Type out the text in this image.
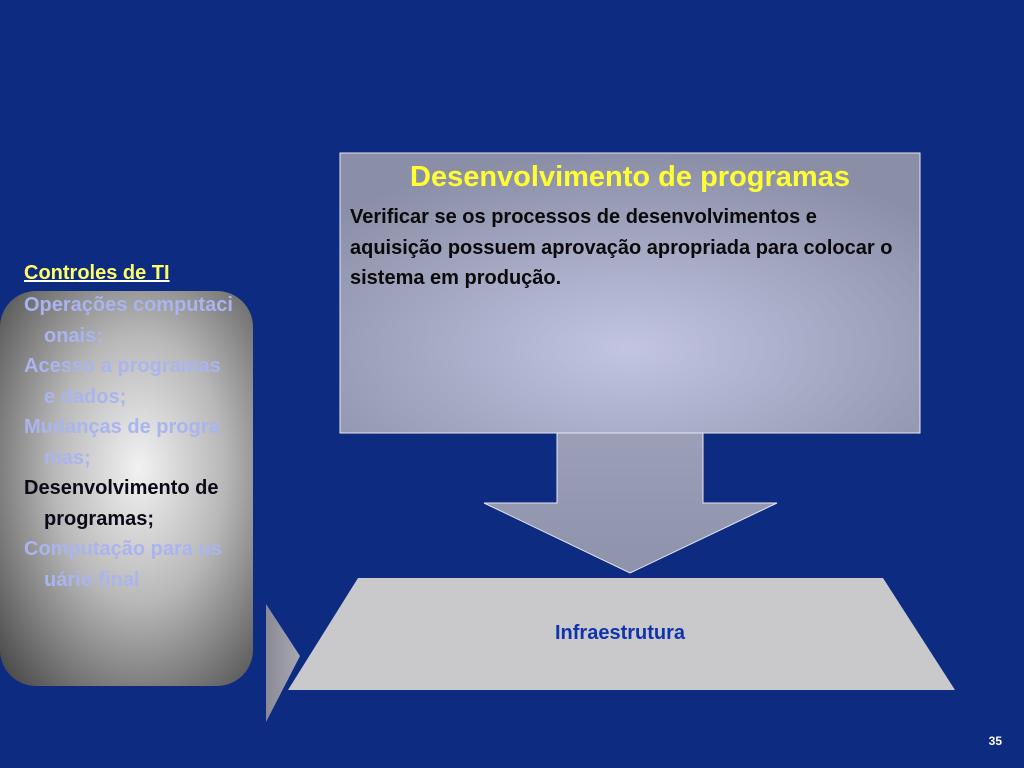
Controles de TI
Operações computacionais;
Acesso a programas e dados;
Mudanças de programas;
Desenvolvimento de programas;
Computação para usuário final
Desenvolvimento de programas
Verificar se os processos de desenvolvimentos e aquisição possuem aprovação apropriada para colocar o sistema em produção.
Infraestrutura
35
